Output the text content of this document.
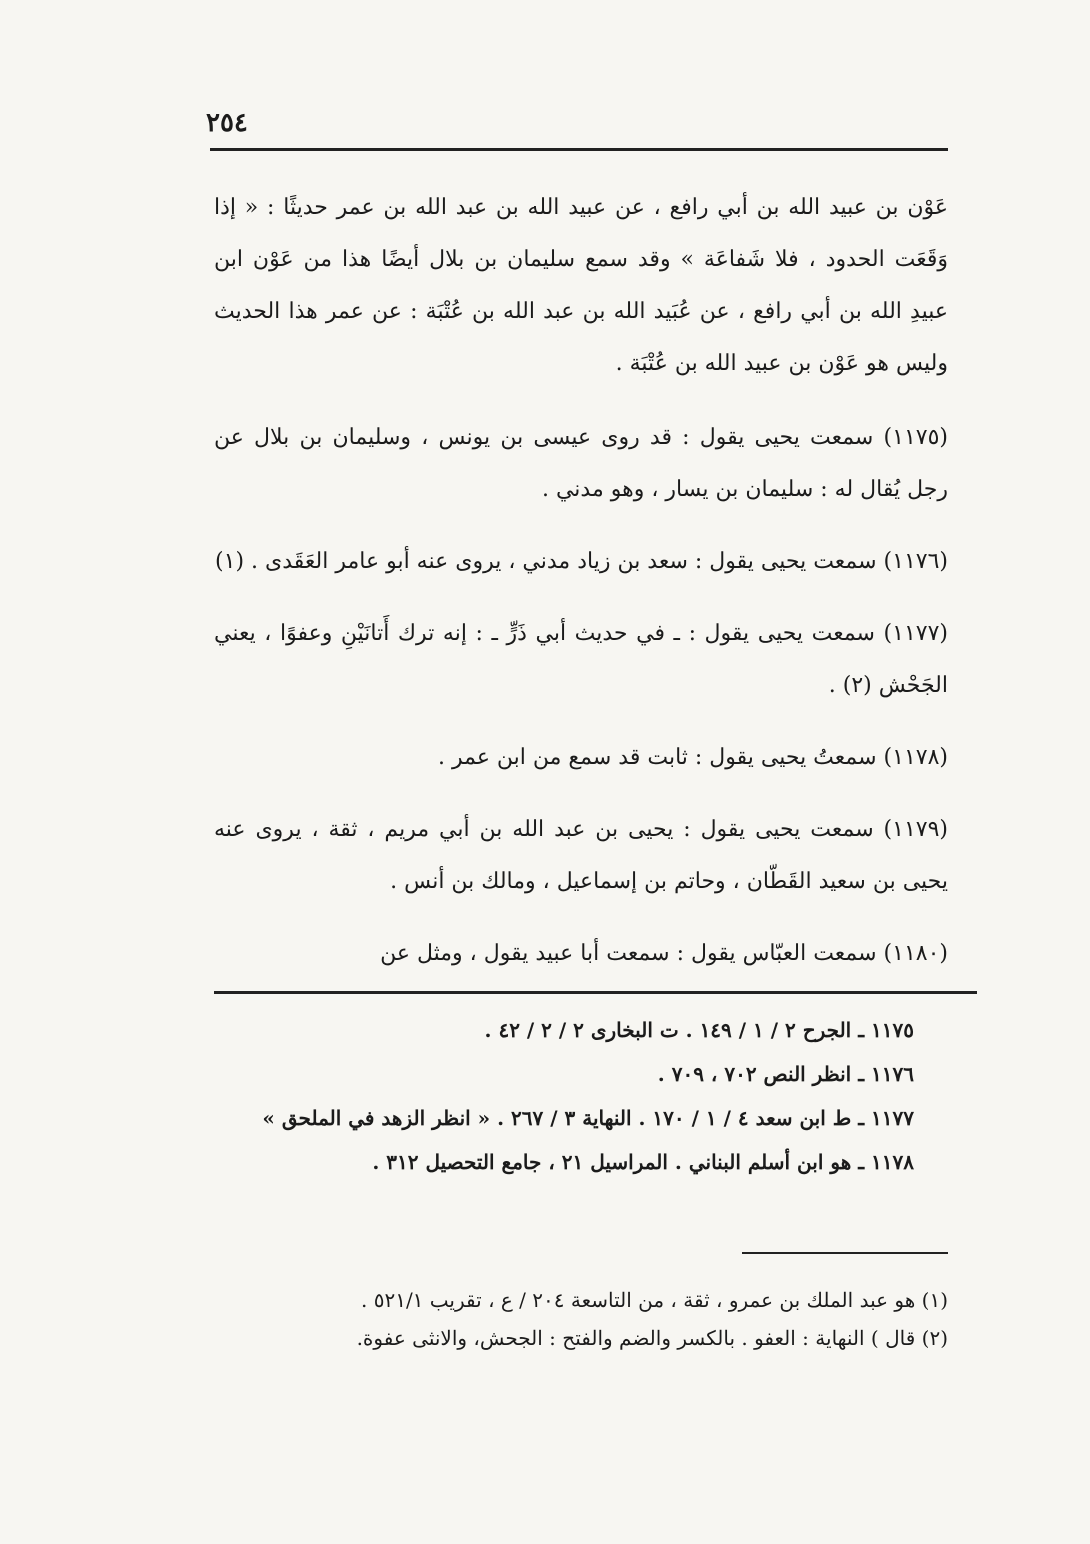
٢٥٤

عَوْن بن عبيد الله بن أبي رافع ، عن عبيد الله بن عبد الله بن عمر حديثًا : « إذا وَقَعَت الحدود ، فلا شَفاعَة » وقد سمع سليمان بن بلال أيضًا هذا من عَوْن ابن عبيدِ الله بن أبي رافع ، عن عُبَيد الله بن عبد الله بن عُتْبَة : عن عمر هذا الحديث وليس هو عَوْن بن عبيد الله بن عُتْبَة .

(١١٧٥) سمعت يحيى يقول : قد روى عيسى بن يونس ، وسليمان بن بلال عن رجل يُقال له : سليمان بن يسار ، وهو مدني .

(١١٧٦) سمعت يحيى يقول : سعد بن زياد مدني ، يروى عنه أبو عامر العَقَدى . (١)

(١١٧٧) سمعت يحيى يقول : ـ في حديث أبي ذَرٍّ ـ : إنه ترك أَتانَيْنِ وعفوًا ، يعني الجَحْش (٢) .

(١١٧٨) سمعتُ يحيى يقول : ثابت قد سمع من ابن عمر .

(١١٧٩) سمعت يحيى يقول : يحيى بن عبد الله بن أبي مريم ، ثقة ، يروى عنه يحيى بن سعيد القَطّان ، وحاتم بن إسماعيل ، ومالك بن أنس .

(١١٨٠) سمعت العبّاس يقول : سمعت أبا عبيد يقول ، ومثل عن

١١٧٥ ـ الجرح ٢ / ١ / ١٤٩ . ت البخارى ٢ / ٢ / ٤٢ .

١١٧٦ ـ انظر النص ٧٠٢ ، ٧٠٩ .

١١٧٧ ـ ط ابن سعد ٤ / ١ / ١٧٠ . النهاية ٣ / ٢٦٧ . « انظر الزهد في الملحق »

١١٧٨ ـ هو ابن أسلم البناني . المراسيل ٢١ ، جامع التحصيل ٣١٢ .

(١) هو عبد الملك بن عمرو ، ثقة ، من التاسعة ٢٠٤ / ع ، تقريب ٥٢١/١ .

(٢) قال ) النهاية : العفو . بالكسر والضم والفتح : الجحش، والانثى عفوة.
